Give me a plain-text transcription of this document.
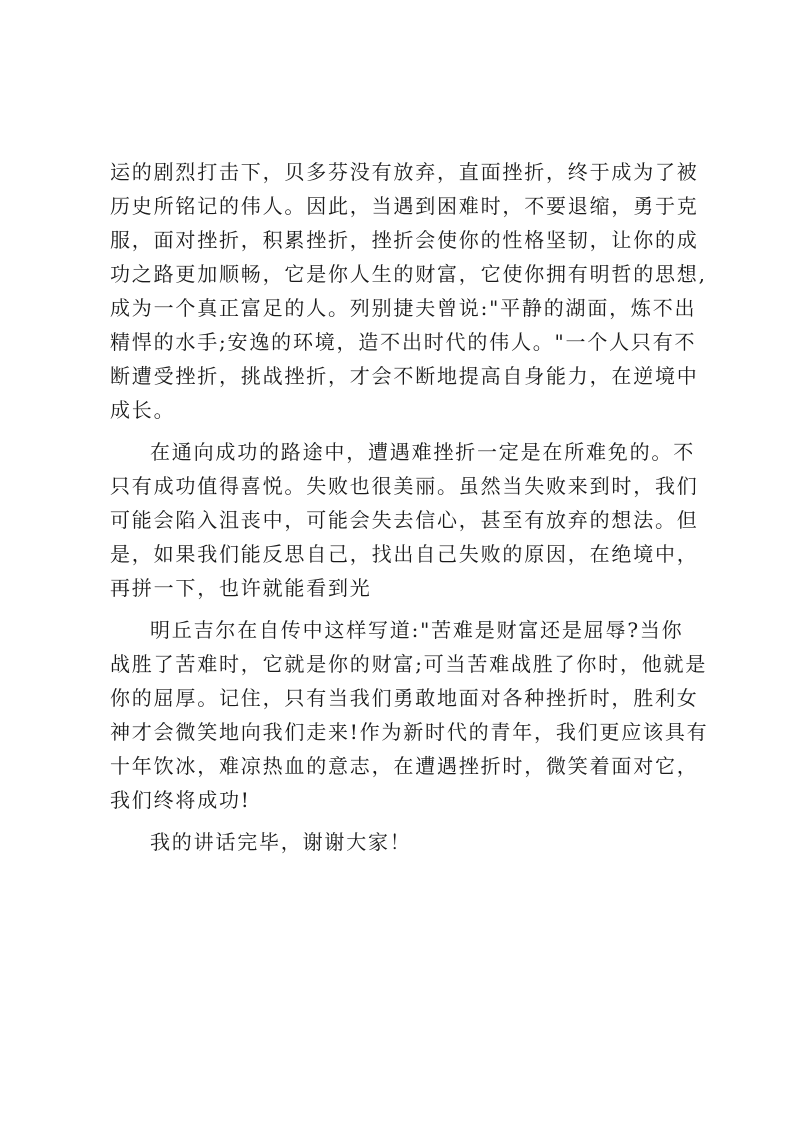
运的剧烈打击下，贝多芬没有放弃，直面挫折，终于成为了被
历史所铭记的伟人。因此，当遇到困难时，不要退缩，勇于克
服，面对挫折，积累挫折，挫折会使你的性格坚韧，让你的成
功之路更加顺畅，它是你人生的财富，它使你拥有明哲的思想,
成为一个真正富足的人。列别捷夫曾说:"平静的湖面，炼不出
精悍的水手;安逸的环境，造不出时代的伟人。"一个人只有不
断遭受挫折，挑战挫折，才会不断地提高自身能力，在逆境中
成长。
在通向成功的路途中，遭遇难挫折一定是在所难免的。不
只有成功值得喜悦。失败也很美丽。虽然当失败来到时，我们
可能会陷入沮丧中，可能会失去信心，甚至有放弃的想法。但
是，如果我们能反思自己，找出自己失败的原因，在绝境中，
再拼一下，也许就能看到光
明丘吉尔在自传中这样写道:"苦难是财富还是屈辱?当你
战胜了苦难时，它就是你的财富;可当苦难战胜了你时，他就是
你的屈厚。记住，只有当我们勇敢地面对各种挫折时，胜利女
神才会微笑地向我们走来!作为新时代的青年，我们更应该具有
十年饮冰，难凉热血的意志，在遭遇挫折时，微笑着面对它，
我们终将成功!
我的讲话完毕，谢谢大家！
